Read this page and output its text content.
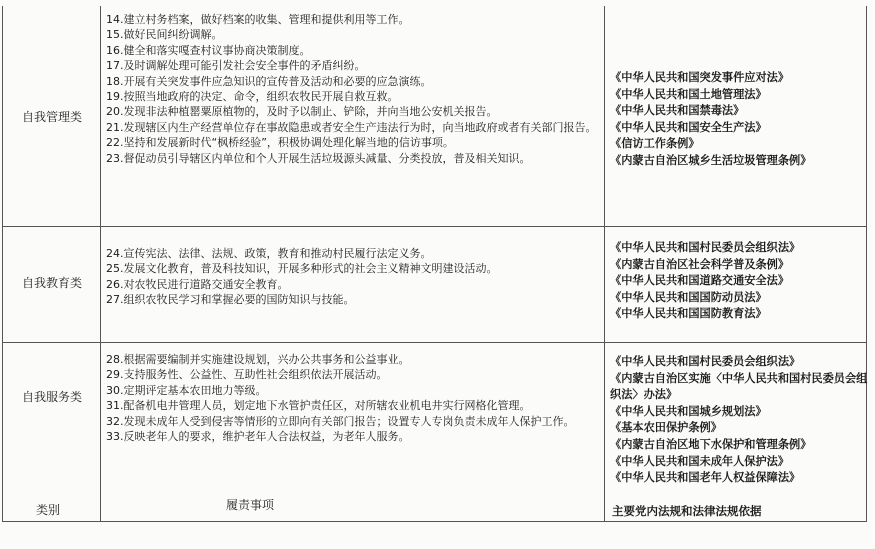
自我管理类
14.建立村务档案，做好档案的收集、管理和提供利用等工作。
15.做好民间纠纷调解。
16.健全和落实嘎查村议事协商决策制度。
17.及时调解处理可能引发社会安全事件的矛盾纠纷。
18.开展有关突发事件应急知识的宣传普及活动和必要的应急演练。
19.按照当地政府的决定、命令，组织农牧民开展自救互救。
20.发现非法种植罂粟原植物的，及时予以制止、铲除，并向当地公安机关报告。
21.发现辖区内生产经营单位存在事故隐患或者安全生产违法行为时，向当地政府或者有关部门报告。
22.坚持和发展新时代“枫桥经验”，积极协调处理化解当地的信访事项。
23.督促动员引导辖区内单位和个人开展生活垃圾源头减量、分类投放，普及相关知识。
《中华人民共和国突发事件应对法》
《中华人民共和国土地管理法》
《中华人民共和国禁毒法》
《中华人民共和国安全生产法》
《信访工作条例》
《内蒙古自治区城乡生活垃圾管理条例》
自我教育类
24.宣传宪法、法律、法规、政策，教育和推动村民履行法定义务。
25.发展文化教育，普及科技知识，开展多种形式的社会主义精神文明建设活动。
26.对农牧民进行道路交通安全教育。
27.组织农牧民学习和掌握必要的国防知识与技能。
《中华人民共和国村民委员会组织法》
《内蒙古自治区社会科学普及条例》
《中华人民共和国道路交通安全法》
《中华人民共和国国防动员法》
《中华人民共和国国防教育法》
自我服务类
28.根据需要编制并实施建设规划，兴办公共事务和公益事业。
29.支持服务性、公益性、互助性社会组织依法开展活动。
30.定期评定基本农田地力等级。
31.配备机电井管理人员，划定地下水管护责任区，对所辖农业机电井实行网格化管理。
32.发现未成年人受到侵害等情形的立即向有关部门报告；设置专人专岗负责未成年人保护工作。
33.反映老年人的要求，维护老年人合法权益，为老年人服务。
《中华人民共和国村民委员会组织法》
《内蒙古自治区实施〈中华人民共和国村民委员会组织法〉办法》
《中华人民共和国城乡规划法》
《基本农田保护条例》
《内蒙古自治区地下水保护和管理条例》
《中华人民共和国未成年人保护法》
《中华人民共和国老年人权益保障法》
类别	履责事项	主要党内法规和法律法规依据
